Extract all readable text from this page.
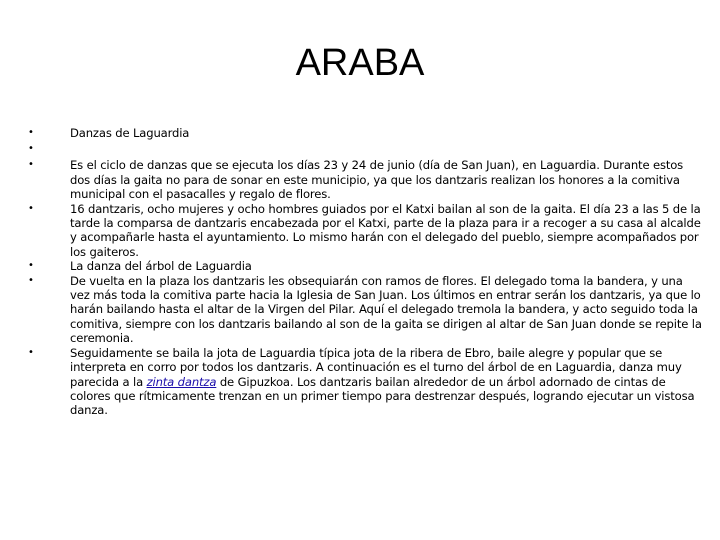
ARABA
• Danzas de Laguardia
•
• Es el ciclo de danzas que se ejecuta los días 23 y 24 de junio (día de San Juan), en Laguardia. Durante estos dos días la gaita no para de sonar en este municipio, ya que los dantzaris realizan los honores a la comitiva municipal con el pasacalles y regalo de flores.
• 16 dantzaris, ocho mujeres y ocho hombres guiados por el Katxi bailan al son de la gaita. El día 23 a las 5 de la tarde la comparsa de dantzaris encabezada por el Katxi, parte de la plaza para ir a recoger a su casa al alcalde y acompañarle hasta el ayuntamiento. Lo mismo harán con el delegado del pueblo, siempre acompañados por los gaiteros.
• La danza del árbol de Laguardia
• De vuelta en la plaza los dantzaris les obsequiarán con ramos de flores. El delegado toma la bandera, y una vez más toda la comitiva parte hacia la Iglesia de San Juan. Los últimos en entrar serán los dantzaris, ya que lo harán bailando hasta el altar de la Virgen del Pilar. Aquí el delegado tremola la bandera, y acto seguido toda la comitiva, siempre con los dantzaris bailando al son de la gaita se dirigen al altar de San Juan donde se repite la ceremonia.
• Seguidamente se baila la jota de Laguardia típica jota de la ribera de Ebro, baile alegre y popular que se interpreta en corro por todos los dantzaris. A continuación es el turno del árbol de en Laguardia, danza muy parecida a la zinta dantza de Gipuzkoa. Los dantzaris bailan alrededor de un árbol adornado de cintas de colores que rítmicamente trenzan en un primer tiempo para destrenzar después, logrando ejecutar un vistosa danza.
